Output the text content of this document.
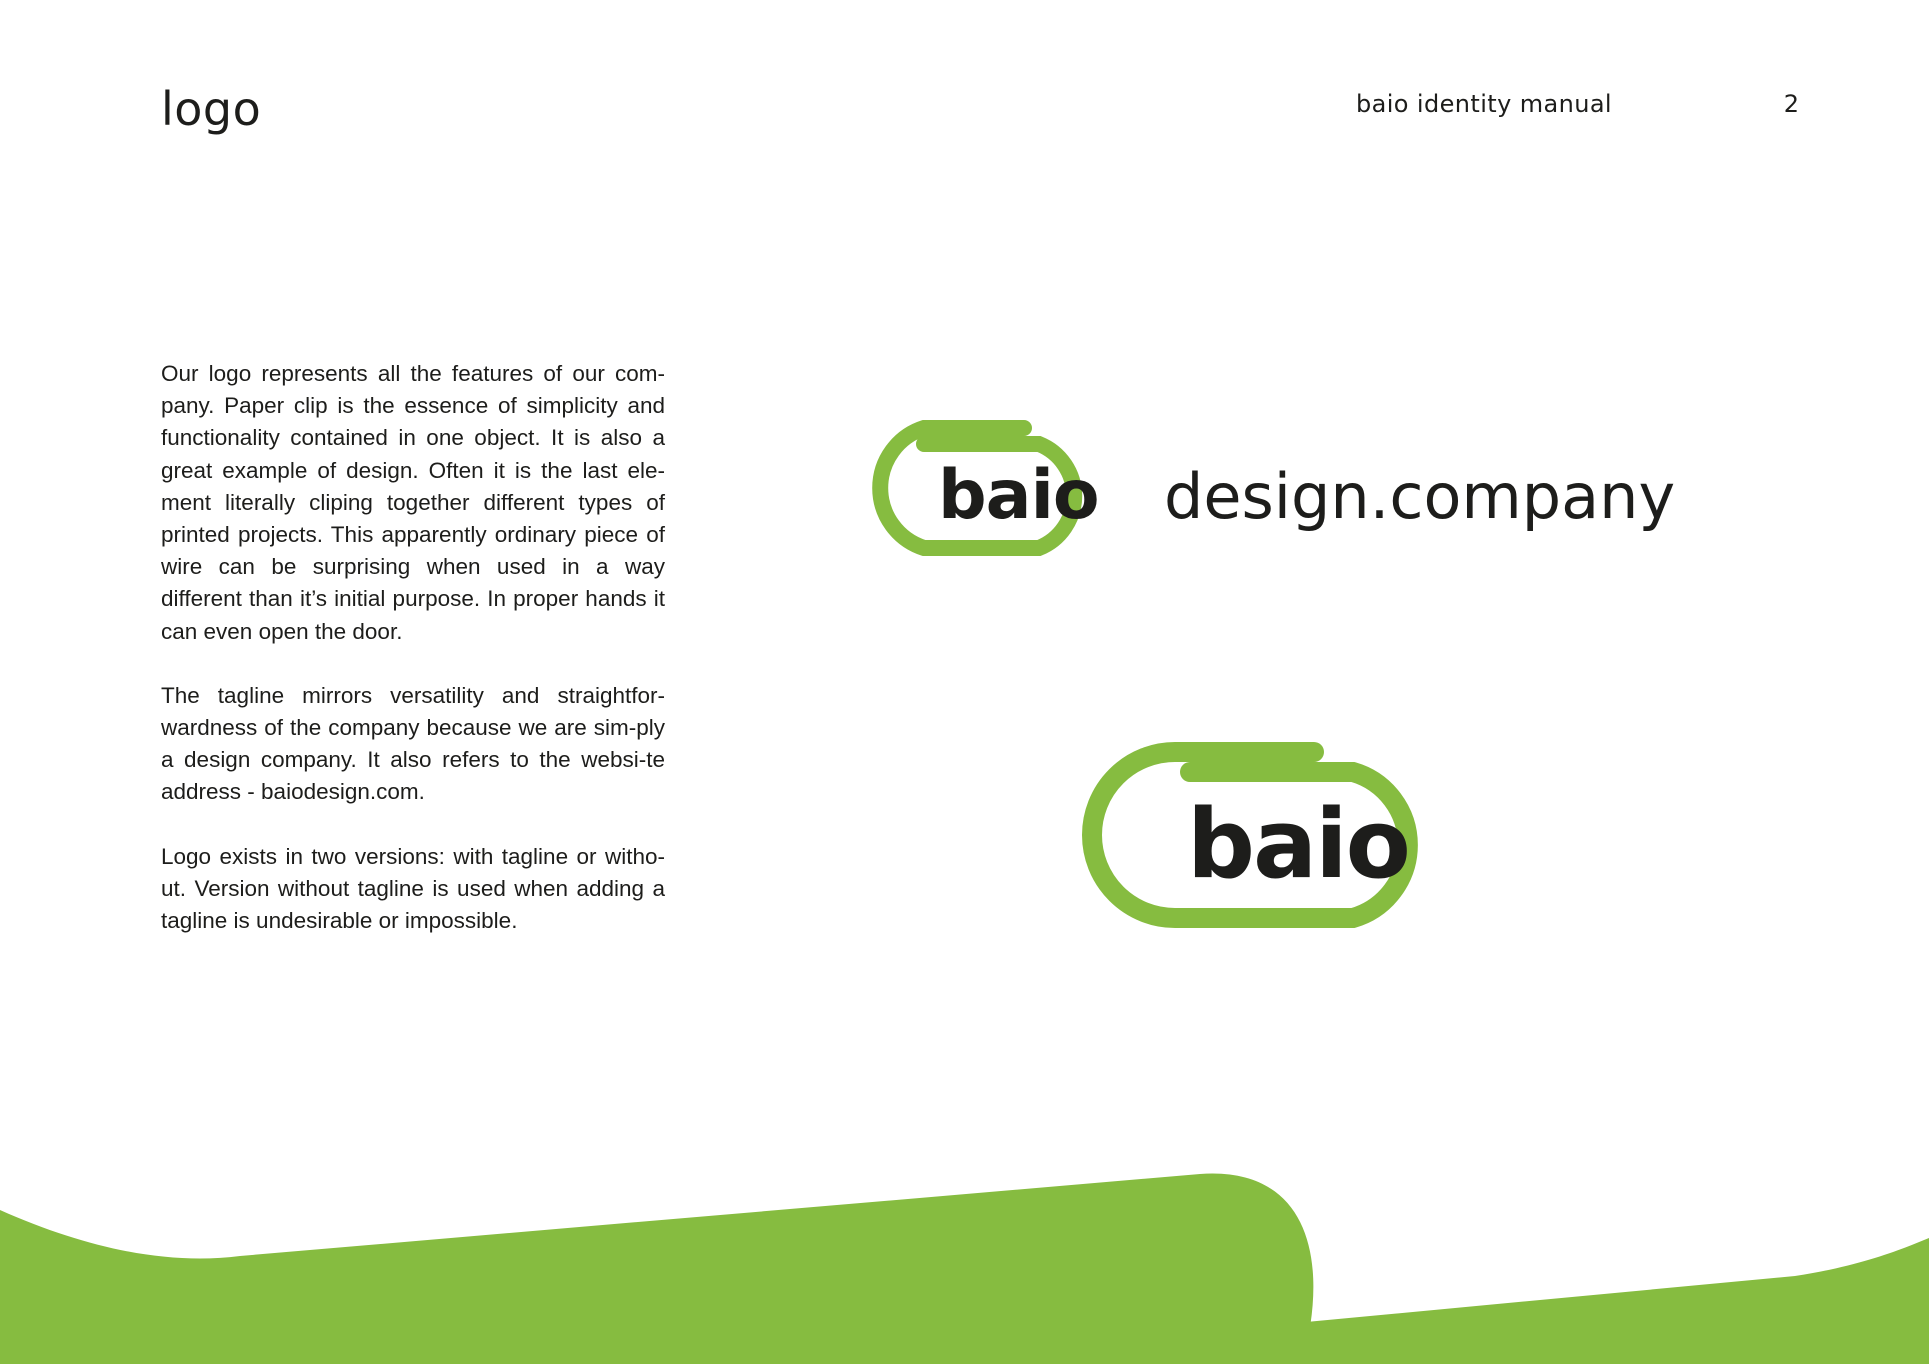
logo	baio identity manual	2

Our logo represents all the features of our com-pany. Paper clip is the essence of simplicity and functionality contained in one object. It is also a great example of design. Often it is the last ele-ment literally cliping together different types of printed projects. This apparently ordinary piece of wire can be surprising when used in a way different than it’s initial purpose. In proper hands it can even open the door.

The tagline mirrors versatility and straightfor-wardness of the company because we are sim-ply a design company. It also refers to the websi-te address - baiodesign.com.

Logo exists in two versions: with tagline or witho-ut. Version without tagline is used when adding a tagline is undesirable or impossible.

baio design.company
baio
